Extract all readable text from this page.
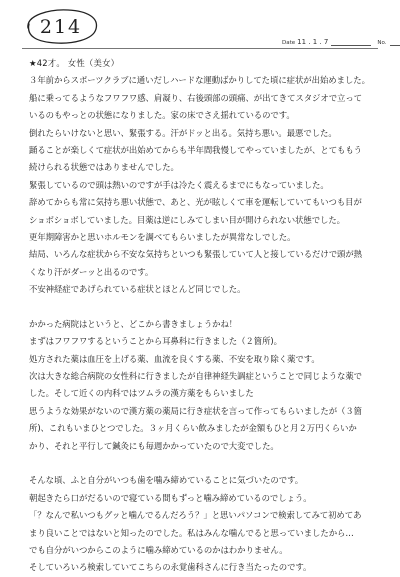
214
Date 11 . 1 . 7	No.
★42才。 女性（美女）
３年前からスポーツクラブに通いだしハードな運動ばかりしてた頃に症状が出始めました。
船に乗ってるようなフワフワ感、肩凝り、右後頭部の頭痛、が出てきてスタジオで立って
いるのもやっとの状態になりました。家の床でさえ揺れているのです。
倒れたらいけないと思い、緊張する。汗がドッと出る。気持ち悪い。最悪でした。
踊ることが楽しくて症状が出始めてからも半年間我慢してやっていましたが、とてももう
続けられる状態ではありませんでした。
緊張しているので頭は熱いのですが手は冷たく震えるまでにもなっていました。
辞めてからも常に気持ち悪い状態で、あと、光が眩しくて車を運転していてもいつも目が
ショボショボしていました。目薬は逆にしみてしまい目が開けられない状態でした。
更年期障害かと思いホルモンを調べてもらいましたが異常なしでした。
結局、いろんな症状から不安な気持ちといつも緊張していて人と接しているだけで頭が熱
くなり汗がダーッと出るのです。
不安神経症であげられている症状とほとんど同じでした。
かかった病院はというと、どこから書きましょうかね！
まずはフワフワするということから耳鼻科に行きました（２箇所)。
処方された薬は血圧を上げる薬、血流を良くする薬、不安を取り除く薬です。
次は大きな総合病院の女性科に行きましたが自律神経失調症ということで同じような薬で
した。そして近くの内科ではツムラの漢方薬をもらいました
思うような効果がないので漢方薬の薬局に行き症状を言って作ってもらいましたが（３箇
所)、これもいまひとつでした。３ヶ月くらい飲みましたが金額もひと月２万円くらいか
かり、それと平行して鍼灸にも毎週かかっていたので大変でした。
そんな頃、ふと自分がいつも歯を噛み締めていることに気づいたのです。
朝起きたら口がだるいので寝ている間もずっと噛み締めているのでしょう。
「？なんで私いつもグッと噛んでるんだろう？」と思いパソコンで検索してみて初めてあ
まり良いことではないと知ったのでした。私はみんな噛んでると思っていましたから…
でも自分がいつからこのように噛み締めているのかはわかりません。
そしていろいろ検索していてこちらの永覚歯科さんに行き当たったのです。
